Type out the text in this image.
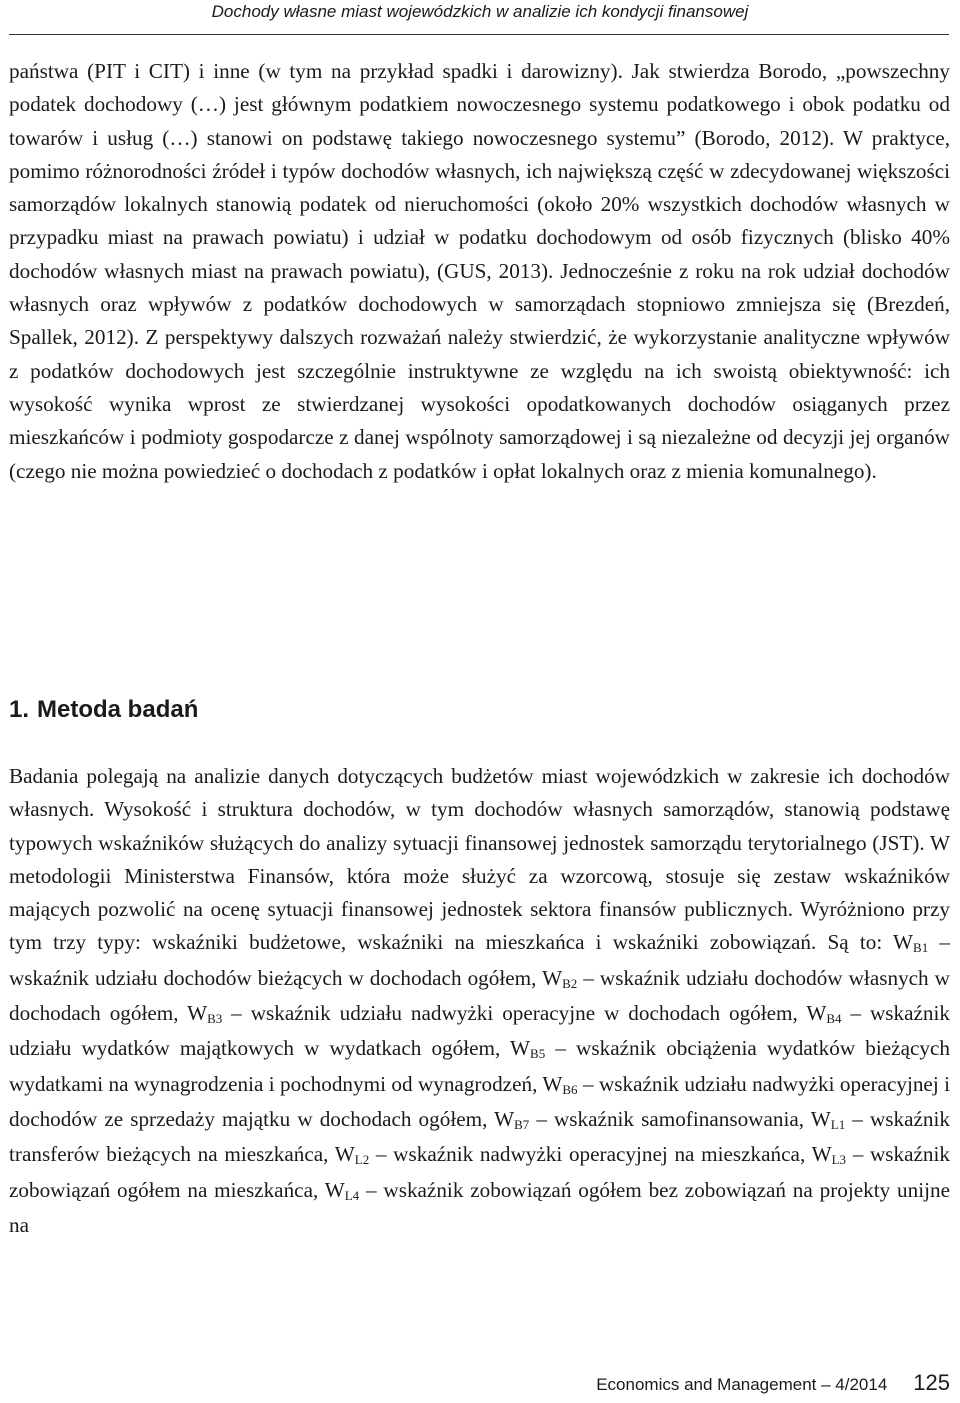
Dochody własne miast wojewódzkich w analizie ich kondycji finansowej

państwa (PIT i CIT) i inne (w tym na przykład spadki i darowizny). Jak stwierdza Borodo, „powszechny podatek dochodowy (…) jest głównym podatkiem nowoczesnego systemu podatkowego i obok podatku od towarów i usług (…) stanowi on podstawę takiego nowoczesnego systemu” (Borodo, 2012). W praktyce, pomimo różnorodności źródeł i typów dochodów własnych, ich największą część w zdecydowanej większości samorządów lokalnych stanowią podatek od nieruchomości (około 20% wszystkich dochodów własnych w przypadku miast na prawach powiatu) i udział w podatku dochodowym od osób fizycznych (blisko 40% dochodów własnych miast na prawach powiatu), (GUS, 2013). Jednocześnie z roku na rok udział dochodów własnych oraz wpływów z podatków dochodowych w samorządach stopniowo zmniejsza się (Brezdeń, Spallek, 2012). Z perspektywy dalszych rozważań należy stwierdzić, że wykorzystanie analityczne wpływów z podatków dochodowych jest szczególnie instruktywne ze względu na ich swoistą obiektywność: ich wysokość wynika wprost ze stwierdzanej wysokości opodatkowanych dochodów osiąganych przez mieszkańców i podmioty gospodarcze z danej wspólnoty samorządowej i są niezależne od decyzji jej organów (czego nie można powiedzieć o dochodach z podatków i opłat lokalnych oraz z mienia komunalnego).

1. Metoda badań

Badania polegają na analizie danych dotyczących budżetów miast wojewódzkich w zakresie ich dochodów własnych. Wysokość i struktura dochodów, w tym dochodów własnych samorządów, stanowią podstawę typowych wskaźników służących do analizy sytuacji finansowej jednostek samorządu terytorialnego (JST). W metodologii Ministerstwa Finansów, która może służyć za wzorcową, stosuje się zestaw wskaźników mających pozwolić na ocenę sytuacji finansowej jednostek sektora finansów publicznych. Wyróżniono przy tym trzy typy: wskaźniki budżetowe, wskaźniki na mieszkańca i wskaźniki zobowiązań. Są to: $W_{B1}$ – wskaźnik udziału dochodów bieżących w dochodach ogółem, $W_{B2}$ – wskaźnik udziału dochodów własnych w dochodach ogółem, $W_{B3}$ – wskaźnik udziału nadwyżki operacyjne w dochodach ogółem, $W_{B4}$ – wskaźnik udziału wydatków majątkowych w wydatkach ogółem, $W_{B5}$ – wskaźnik obciążenia wydatków bieżących wydatkami na wynagrodzenia i pochodnymi od wynagrodzeń, $W_{B6}$ – wskaźnik udziału nadwyżki operacyjnej i dochodów ze sprzedaży majątku w dochodach ogółem, $W_{B7}$ – wskaźnik samofinansowania, $W_{L1}$ – wskaźnik transferów bieżących na mieszkańca, $W_{L2}$ – wskaźnik nadwyżki operacyjnej na mieszkańca, $W_{L3}$ – wskaźnik zobowiązań ogółem na mieszkańca, $W_{L4}$ – wskaźnik zobowiązań ogółem bez zobowiązań na projekty unijne na

Economics and Management – 4/2014 125
